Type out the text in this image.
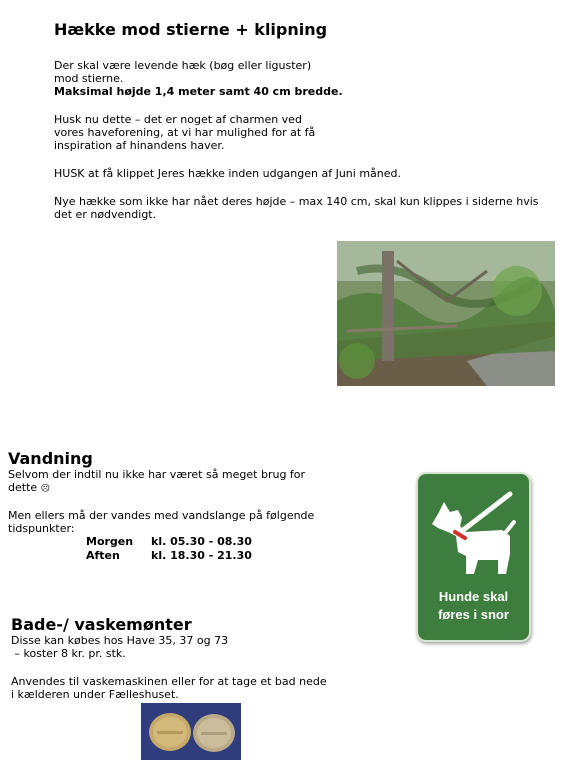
Hække mod stierne + klipning
Der skal være levende hæk (bøg eller liguster)
mod stierne.
Maksimal højde 1,4 meter samt 40 cm bredde.
Husk nu dette – det er noget af charmen ved
vores haveforening, at vi har mulighed for at få
inspiration af hinandens haver.
HUSK at få klippet Jeres hække inden udgangen af Juni måned.
Nye hække som ikke har nået deres højde – max 140 cm, skal kun klippes i siderne hvis
det er nødvendigt.
Vandning
Selvom der indtil nu ikke har været så meget brug for
dette ☹
Men ellers må der vandes med vandslange på følgende
tidspunkter:
Morgen	kl. 05.30 - 08.30
Aften	kl. 18.30 - 21.30
Hunde skal
føres i snor
Bade-/ vaskemønter
Disse kan købes hos Have 35, 37 og 73
– koster 8 kr. pr. stk.
Anvendes til vaskemaskinen eller for at tage et bad nede
i kælderen under Fælleshuset.
